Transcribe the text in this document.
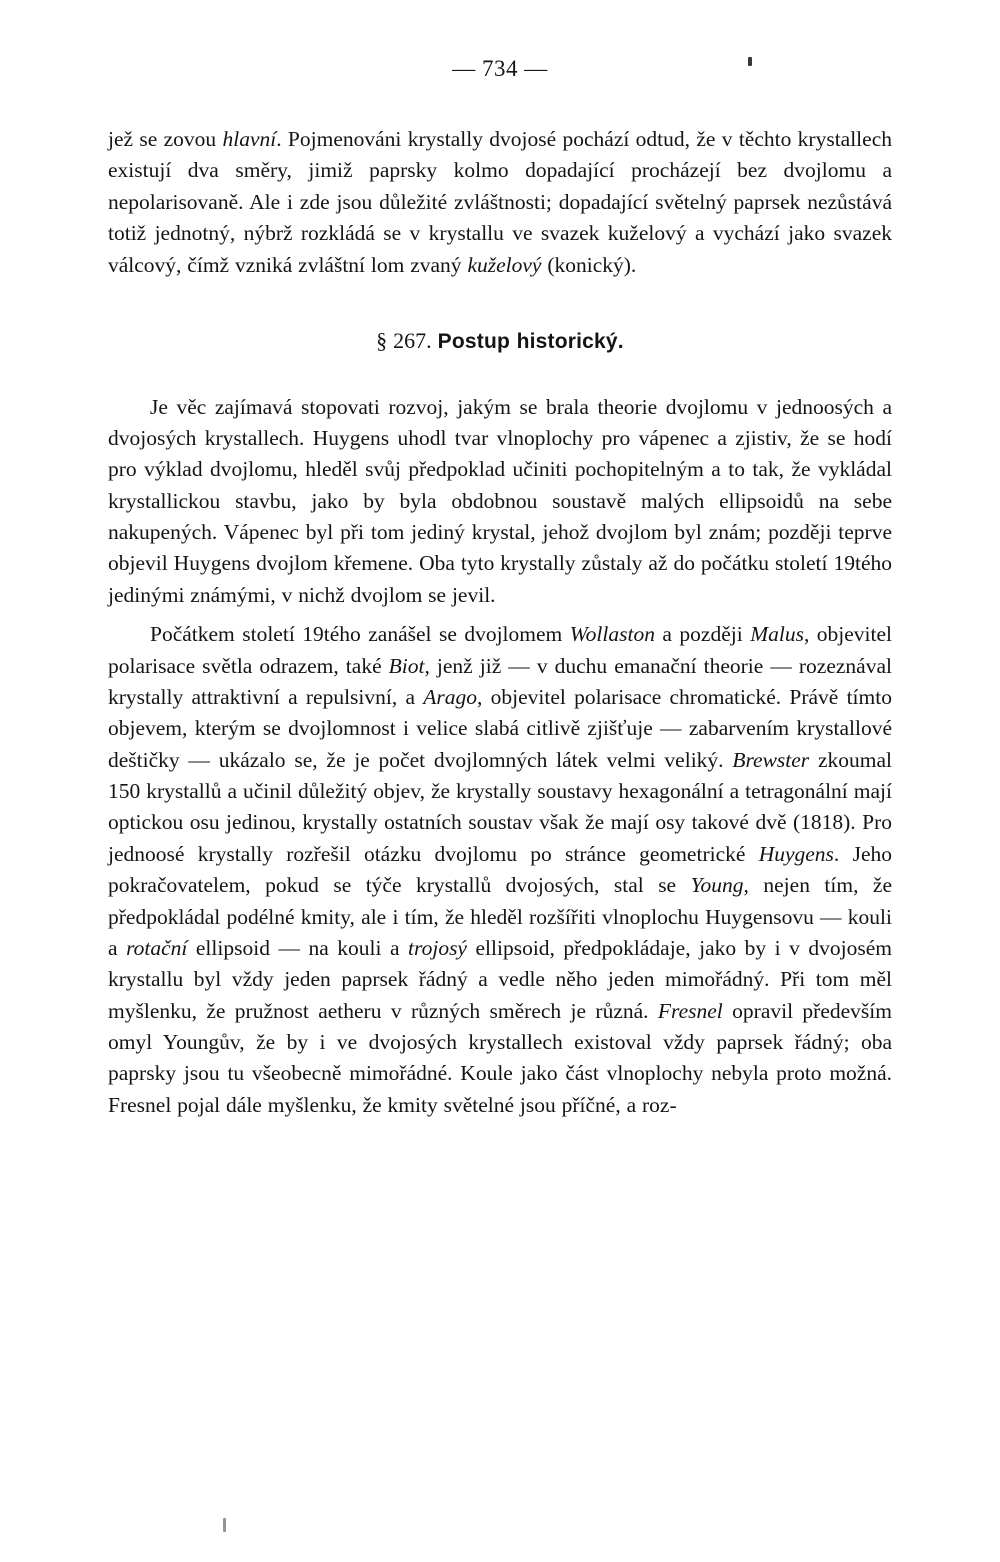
— 734 —

jež se zovou hlavní. Pojmenováni krystally dvojosé pochází odtud, že v těchto krystallech existují dva směry, jimiž paprsky kolmo dopadající procházejí bez dvojlomu a nepolarisovaně. Ale i zde jsou důležité zvláštnosti; dopadající světelný paprsek nezůstává totiž jednotný, nýbrž rozkládá se v krystallu ve svazek kuželový a vychází jako svazek válcový, čímž vzniká zvláštní lom zvaný kuželový (konický).

§ 267. Postup historický.

Je věc zajímavá stopovati rozvoj, jakým se brala theorie dvojlomu v jednoosých a dvojosých krystallech. Huygens uhodl tvar vlnoplochy pro vápenec a zjistiv, že se hodí pro výklad dvojlomu, hleděl svůj předpoklad učiniti pochopitelným a to tak, že vykládal krystallickou stavbu, jako by byla obdobnou soustavě malých ellipsoidů na sebe nakupených. Vápenec byl při tom jediný krystal, jehož dvojlom byl znám; později teprve objevil Huygens dvojlom křemene. Oba tyto krystally zůstaly až do počátku století 19tého jedinými známými, v nichž dvojlom se jevil.

Počátkem století 19tého zanášel se dvojlomem Wollaston a později Malus, objevitel polarisace světla odrazem, také Biot, jenž již — v duchu emanační theorie — rozeznával krystally attraktivní a repulsivní, a Arago, objevitel polarisace chromatické. Právě tímto objevem, kterým se dvojlomnost i velice slabá citlivě zjišťuje — zabarvením krystallové deštičky — ukázalo se, že je počet dvojlomných látek velmi veliký. Brewster zkoumal 150 krystallů a učinil důležitý objev, že krystally soustavy hexagonální a tetragonální mají optickou osu jedinou, krystally ostatních soustav však že mají osy takové dvě (1818). Pro jednoosé krystally rozřešil otázku dvojlomu po stránce geometrické Huygens. Jeho pokračovatelem, pokud se týče krystallů dvojosých, stal se Young, nejen tím, že předpokládal podélné kmity, ale i tím, že hleděl rozšířiti vlnoplochu Huygensovu — kouli a rotační ellipsoid — na kouli a trojosý ellipsoid, předpokládaje, jako by i v dvojosém krystallu byl vždy jeden paprsek řádný a vedle něho jeden mimořádný. Při tom měl myšlenku, že pružnost aetheru v různých směrech je různá. Fresnel opravil především omyl Youngův, že by i ve dvojosých krystallech existoval vždy paprsek řádný; oba paprsky jsou tu všeobecně mimořádné. Koule jako část vlnoplochy nebyla proto možná. Fresnel pojal dále myšlenku, že kmity světelné jsou příčné, a roz-
